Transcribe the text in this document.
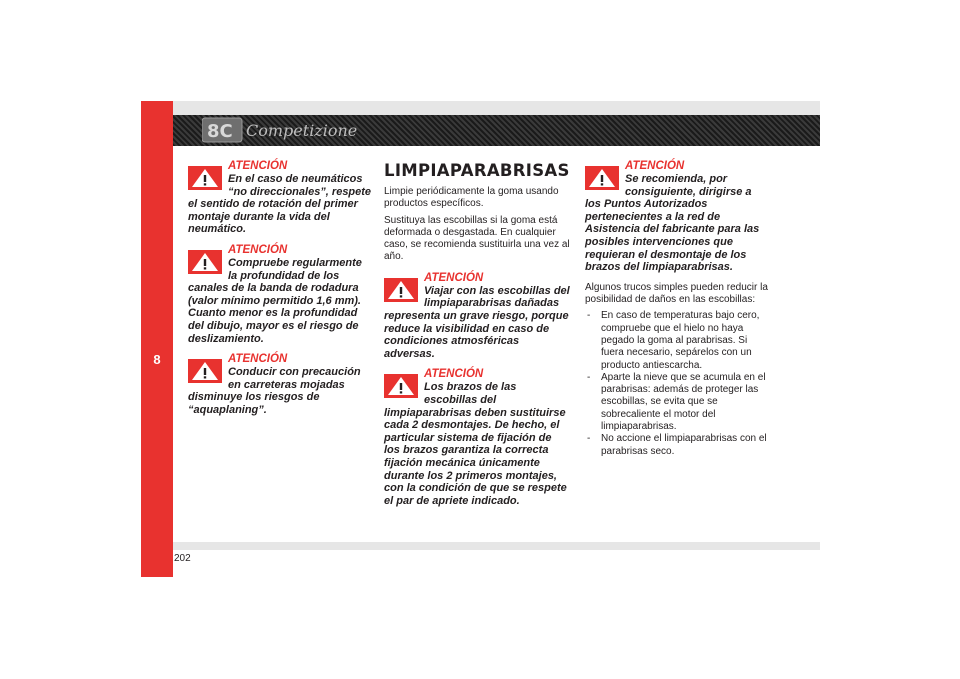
8
8C Competizione
ATENCIÓN
En el caso de neumáticos “no direccionales”, respete el sentido de rotación del primer montaje durante la vida del neumático.
ATENCIÓN
Compruebe regularmente la profundidad de los canales de la banda de rodadura (valor mínimo permitido 1,6 mm). Cuanto menor es la profundidad del dibujo, mayor es el riesgo de deslizamiento.
ATENCIÓN
Conducir con precaución en carreteras mojadas disminuye los riesgos de “aquaplaning”.
LIMPIAPARABRISAS
Limpie periódicamente la goma usando productos específicos.
Sustituya las escobillas si la goma está deformada o desgastada. En cualquier caso, se recomienda sustituirla una vez al año.
ATENCIÓN
Viajar con las escobillas del limpiaparabrisas dañadas representa un grave riesgo, porque reduce la visibilidad en caso de condiciones atmosféricas adversas.
ATENCIÓN
Los brazos de las escobillas del limpiaparabrisas deben sustituirse cada 2 desmontajes. De hecho, el particular sistema de fijación de los brazos garantiza la correcta fijación mecánica únicamente durante los 2 primeros montajes, con la condición de que se respete el par de apriete indicado.
ATENCIÓN
Se recomienda, por consiguiente, dirigirse a los Puntos Autorizados pertenecientes a la red de Asistencia del fabricante para las posibles intervenciones que requieran el desmontaje de los brazos del limpiaparabrisas.
Algunos trucos simples pueden reducir la posibilidad de daños en las escobillas:
- En caso de temperaturas bajo cero, compruebe que el hielo no haya pegado la goma al parabrisas. Si fuera necesario, sepárelos con un producto antiescarcha.
- Aparte la nieve que se acumula en el parabrisas: además de proteger las escobillas, se evita que se sobrecaliente el motor del limpiaparabrisas.
- No accione el limpiaparabrisas con el parabrisas seco.
202
